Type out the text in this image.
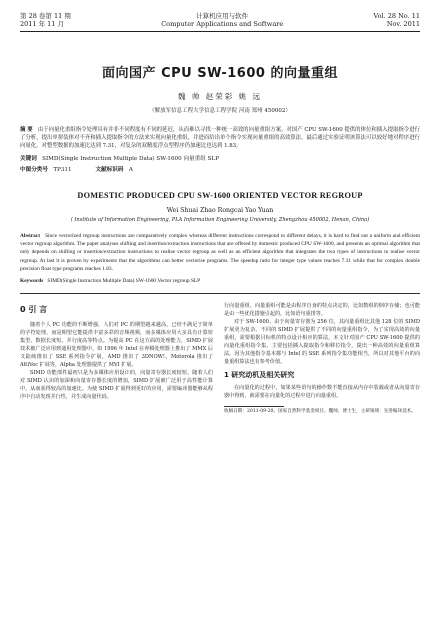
第 28 卷第 11 期
2011 年 11 月
计算机应用与软件
Computer Applications and Software
Vol. 28 No. 11
Nov. 2011
面向国产 CPU SW-1600 的向量重组
魏 帅 赵荣彩 姚 远
（解放军信息工程大学信息工程学院 河南 郑州 450002）
摘 要 由于向量化重组指令处理具有并非不同程度有不同的延迟，从而难以寻找一种统一高效的向量重组方案。对国产 CPU SW-1600 提供的体位和插入提取指令进行了分析，提出单拼装体对不齐和插入提取指令的方法来实现向量化重组，并进而给出单个指令实现向量重组的高效算法，最后通过实验证明该算法可以较好地对程序进行向量化，对整型数据的加速比达到 7.31，对复杂的双精度浮点型程序仍加速比也达到 1.83。
关键词 SIMD(Single Instruction Multiple Data) SW-1600 向量重组 SLP
中图分类号 TP311	文献标识码 A
DOMESTIC PRODUCED CPU SW-1600 ORIENTED VECTOR REGROUP
Wei Shuai Zhao Rongcai Yao Yuan
( Institute of Information Engineering, PLA Information Engineering University, Zhengzhou 450002, Henan, China)
Abstract Since vectorized regroup instructions are comparatively complex whereas different instructions correspond to different delays, it is hard to find out a uniform and efficient vector regroup algorithm. The paper analyses shifting and insertion/extraction instructions that are offered by domestic produced CPU SW-1600, and presents an optimal algorithm that only depends on shifting or insertion/extraction instructions to realise vector regroup as well as an efficient algorithm that integrates the two types of instructions to realise vector regroup. At last it is proven by experiments that the algorithms can better vectorise programs. The speedup ratio for integer type values reaches 7.31 while that for complex double precision float type programs reaches 1.83.
Keywords SIMD(Single Instruction Multiple Data) SW-1600 Vector regroup SLP
0 引 言

随着个人 PC 功能的不断增强，人们对 PC 的期望越来越高，已经不满足于简单的字符处理，而是期望它能提供丰富多彩的音频视频，而多媒体应用大多具有计算密集型、数据长度短、并行度高等特点。为提高 PC 在这方面的处理能力，SIMD 扩展技术被广泛应用到通用处理器中。如 1996 年 Intel 在奔腾处理器上推出了 MMX 后又陆续推出了 SSE 系列指令扩展，AMD 推出了 3DNOW!、Motorola 推出了 AltiVec 扩展等，Alpha 处理器提供了 MVI 扩展。

SIMD 功能部件最初只是为多媒体应用设计的，向量寄存器长度较短。随着人们对 SIMD 认识的加深和向量寄存器长度的增加，SIMD 扩展被广泛用于高性能计算中，从而获得较高的加速比。为使 SIMD 扩展得到更好的应用，需要编译器能够从程序中自动发现并行性，并生成向量代码。

行向量重组。向量重组可能是由程序自身的特点决定的，比如数组的倒序存储；也可能是由一些优化措施引起的，比如语句重排等。

对于 SW-1600，由于向量寄存器为 256 位，其向量重组比其他 128 位的 SIMD 扩展更为复杂。不同的 SIMD 扩展提供了不同的向量重组指令，为了实现高效的向量重组，需要根据目标机的特点设计相应的算法。本文针对国产 CPU SW-1600 提供的向量化重组指令集，主要包括插入提取指令和移位指令，提出一种高效的向量重组算法。因为其他指令基本都与 Intel 的 SSE 系列指令集功能相当，所以对其他平台的向量重组算法也有参考价值。

1 研究动机及相关研究

在向量化的过程中，如果某些语句的操作数不能直接从内存中装载或者从向量寄存器中得到，就需要在向量化的过程中进行向量重组。

收稿日期：2011-09-20。国家自然科学基金项目。魏帅，博士生，主研领域：先进编译技术。
